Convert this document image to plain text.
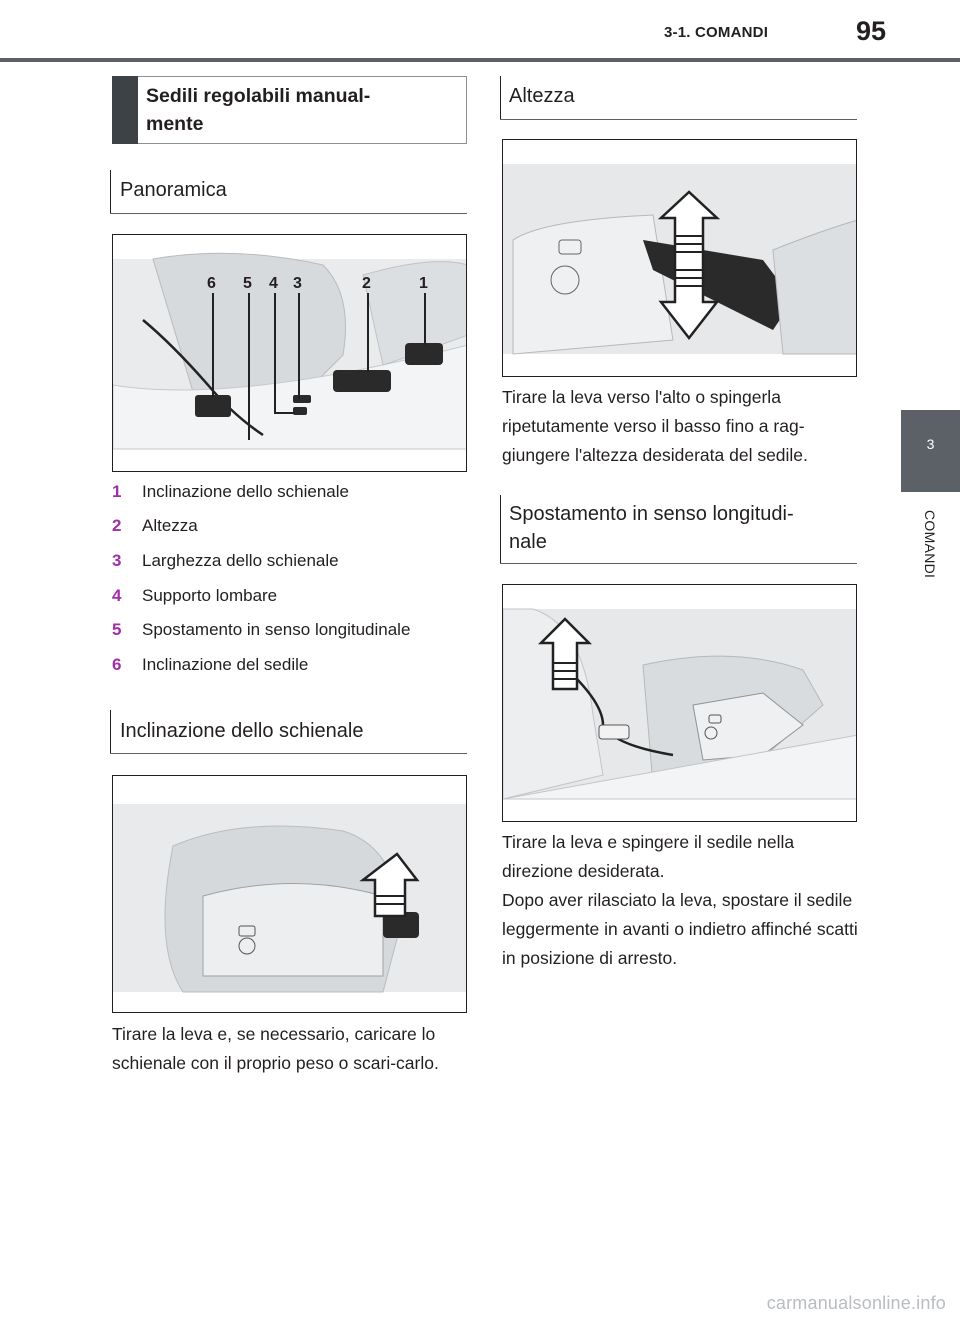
3-1. COMANDI	95
3
COMANDI
Sedili regolabili manual-
mente
Panoramica
6 5 4 3	2	1
1	Inclinazione dello schienale
2	Altezza
3	Larghezza dello schienale
4	Supporto lombare
5	Spostamento in senso longitudinale
6	Inclinazione del sedile
Inclinazione dello schienale
Tirare la leva e, se necessario, caricare lo schienale con il proprio peso o scari-carlo.
Altezza
Tirare la leva verso l'alto o spingerla ripetutamente verso il basso fino a rag-giungere l'altezza desiderata del sedile.
Spostamento in senso longitudi-
nale
Tirare la leva e spingere il sedile nella direzione desiderata.
Dopo aver rilasciato la leva, spostare il sedile leggermente in avanti o indietro affinché scatti in posizione di arresto.
carmanualsonline.info
